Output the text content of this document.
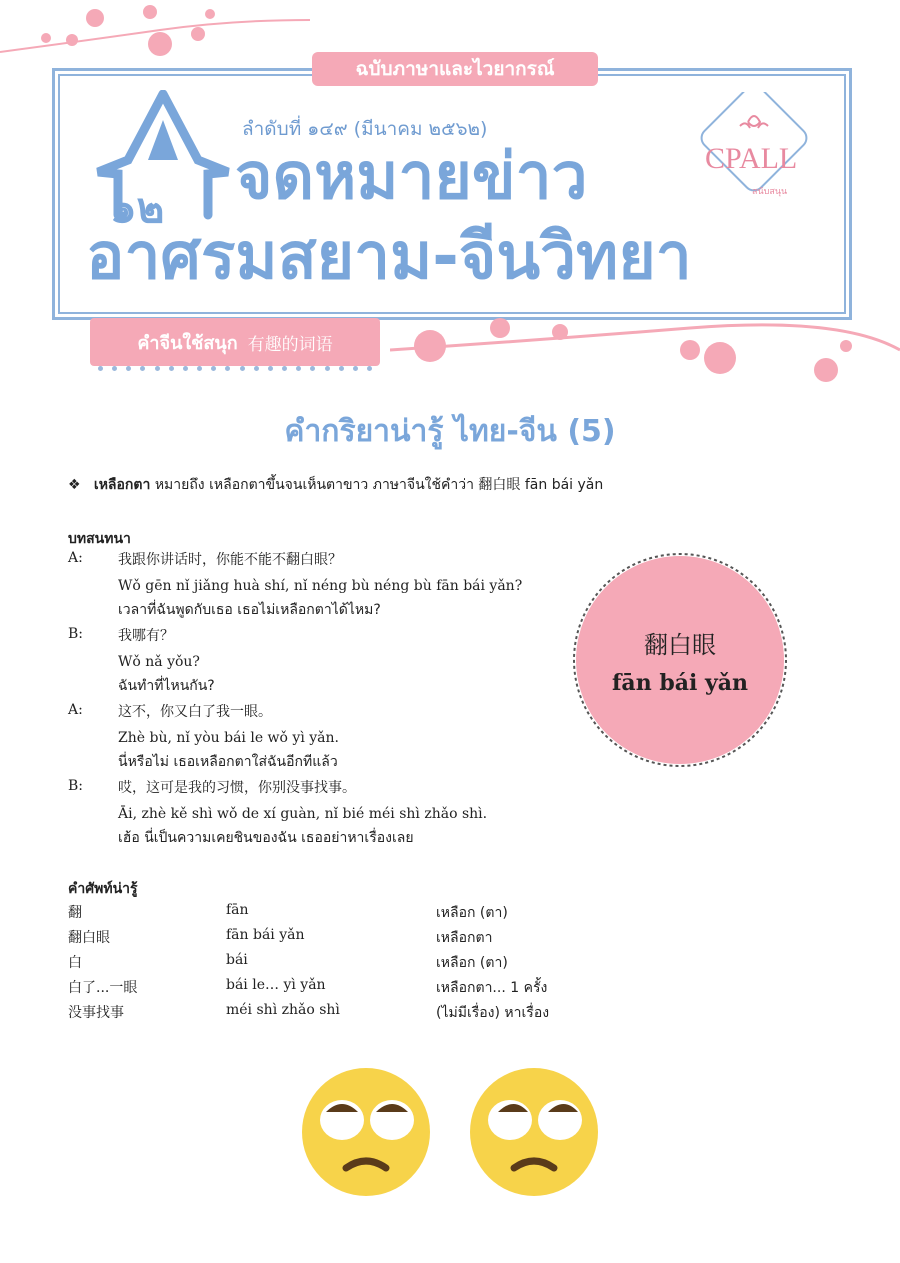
๑๒
ฉบับภาษาและไวยากรณ์
ลำดับที่ ๑๔๙ (มีนาคม ๒๕๖๒)
จดหมายข่าว
อาศรมสยาม-จีนวิทยา
CPALL
สนับสนุน
คำจีนใช้สนุก 有趣的词语
คำกริยาน่ารู้ ไทย-จีน (5)
❖ เหลือกตา หมายถึง เหลือกตาขึ้นจนเห็นตาขาว ภาษาจีนใช้คำว่า 翻白眼 fān bái yǎn
บทสนทนา
A:	我跟你讲话时，你能不能不翻白眼？
Wǒ gēn nǐ jiǎng huà shí, nǐ néng bù néng bù fān bái yǎn?
เวลาที่ฉันพูดกับเธอ เธอไม่เหลือกตาได้ไหม?
B: 我哪有？
Wǒ nǎ yǒu?
ฉันทำที่ไหนกัน?
A:	这不，你又白了我一眼。
Zhè bù, nǐ yòu bái le wǒ yì yǎn.
นี่หรือไม่ เธอเหลือกตาใส่ฉันอีกทีแล้ว
B: 哎，这可是我的习惯，你别没事找事。
Āi, zhè kě shì wǒ de xí guàn, nǐ bié méi shì zhǎo shì.
เฮ้อ นี่เป็นความเคยชินของฉัน เธออย่าหาเรื่องเลย
翻白眼
fān bái yǎn
คำศัพท์น่ารู้
翻	fān	เหลือก (ตา)
翻白眼	fān bái yǎn	เหลือกตา
白	bái	เหลือก (ตา)
白了...一眼	bái le… yì yǎn	เหลือกตา... 1 ครั้ง
没事找事	méi shì zhǎo shì	(ไม่มีเรื่อง) หาเรื่อง
